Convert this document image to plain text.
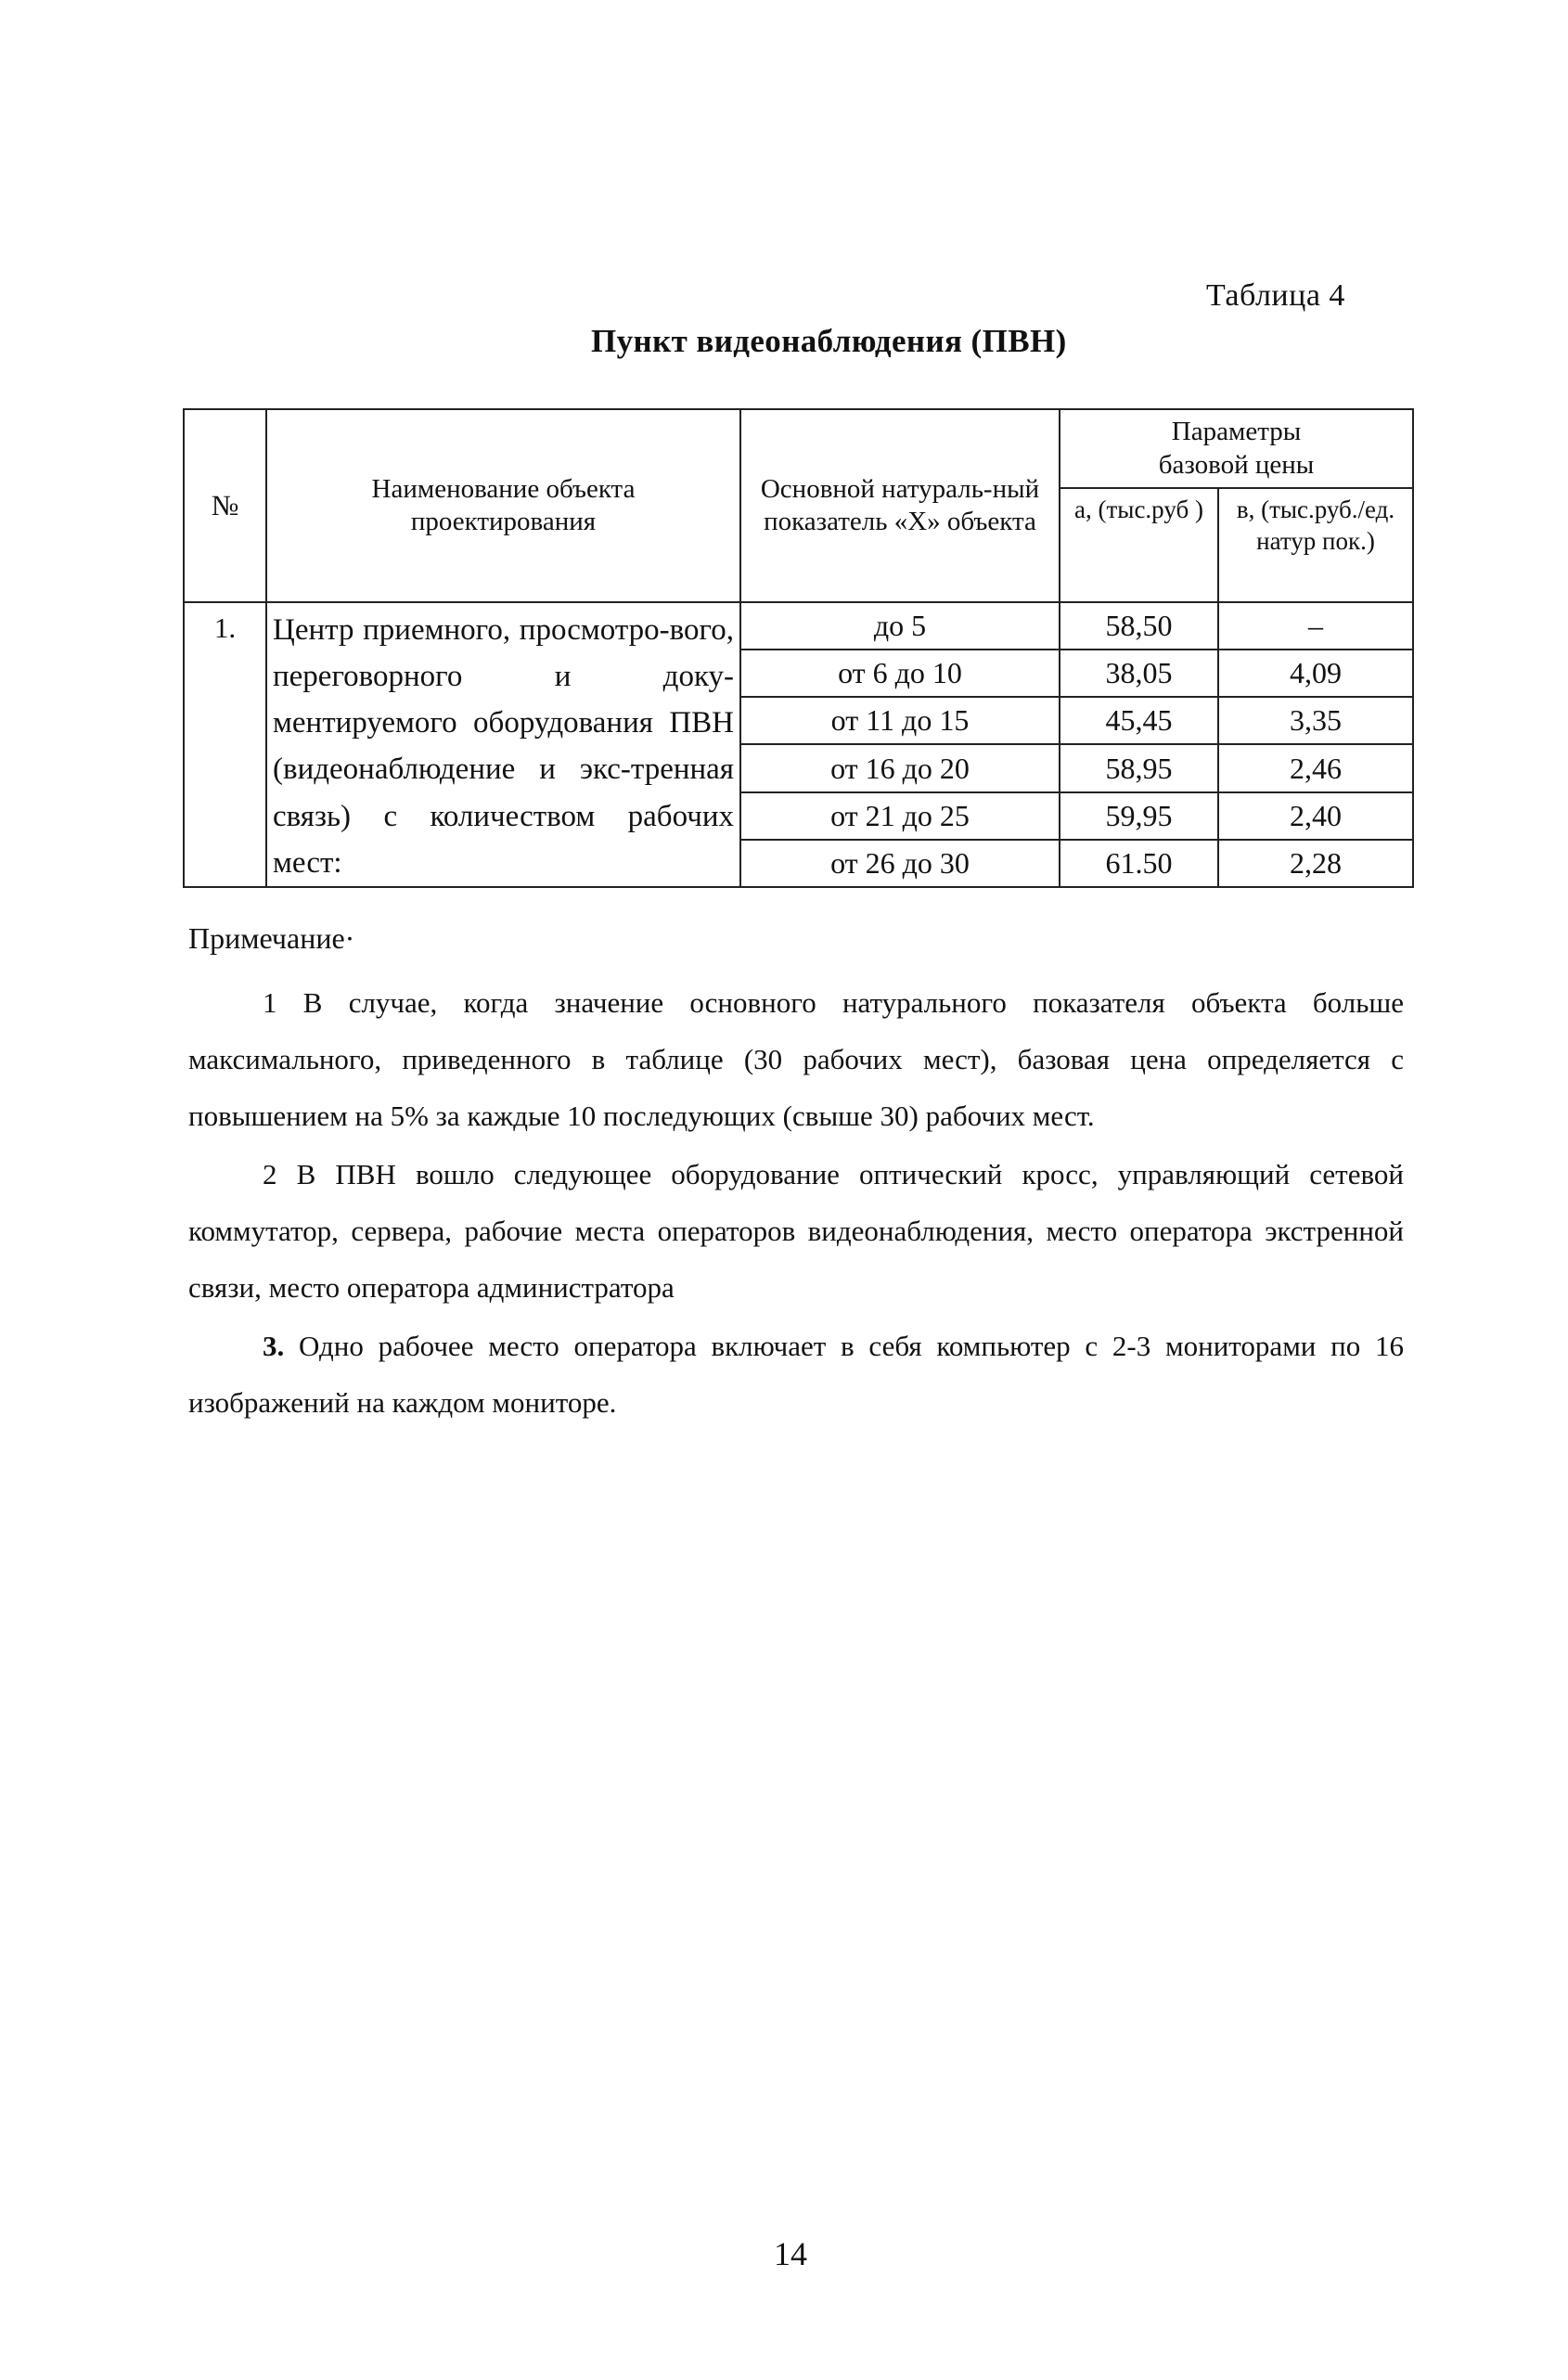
Таблица 4
Пункт видеонаблюдения (ПВН)
№	Наименование объекта проектирования	Основной натураль-ный показатель «Х» объекта	Параметры базовой цены	
			а, (тыс.руб )	в, (тыс.руб./ед. натур пок.)
1.	Центр приемного, просмотро-вого, переговорного и доку-ментируемого оборудования ПВН (видеонаблюдение и экс-тренная связь) с количеством рабочих мест:	до 5	58,50	–
		от 6 до 10	38,05	4,09
		от 11 до 15	45,45	3,35
		от 16 до 20	58,95	2,46
		от 21 до 25	59,95	2,40
		от 26 до 30	61.50	2,28
Примечание·
1 В случае, когда значение основного натурального показателя объекта больше максимального, приведенного в таблице (30 рабочих мест), базовая цена определяется с повышением на 5% за каждые 10 последующих (свыше 30) рабочих мест.
2 В ПВН вошло следующее оборудование оптический кросс, управляющий сетевой коммутатор, сервера, рабочие места операторов видеонаблюдения, место оператора экстренной связи, место оператора администратора
3. Одно рабочее место оператора включает в себя компьютер с 2-3 мониторами по 16 изображений на каждом мониторе.
14
